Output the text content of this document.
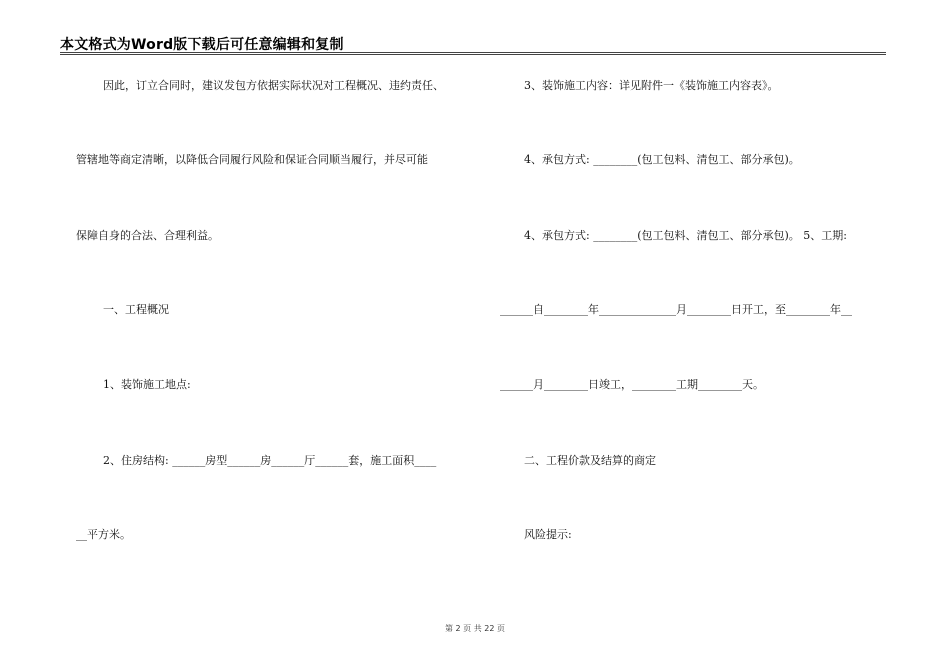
本文格式为Word版下载后可任意编辑和复制
因此，订立合同时，建议发包方依据实际状况对工程概况、违约责任、
管辖地等商定清晰，以降低合同履行风险和保证合同顺当履行，并尽可能
保障自身的合法、合理利益。
一、工程概况
1、装饰施工地点:
2、住房结构: ______房型______房______厅______套，施工面积____
__平方米。
3、装饰施工内容：详见附件一《装饰施工内容表》。
4、承包方式: ________(包工包料、清包工、部分承包)。
4、承包方式: ________(包工包料、清包工、部分承包)。 5、工期:
______自________年______________月________日开工，至________年__
______月________日竣工，________工期________天。
二、工程价款及结算的商定
风险提示:
第 2 页 共 22 页
